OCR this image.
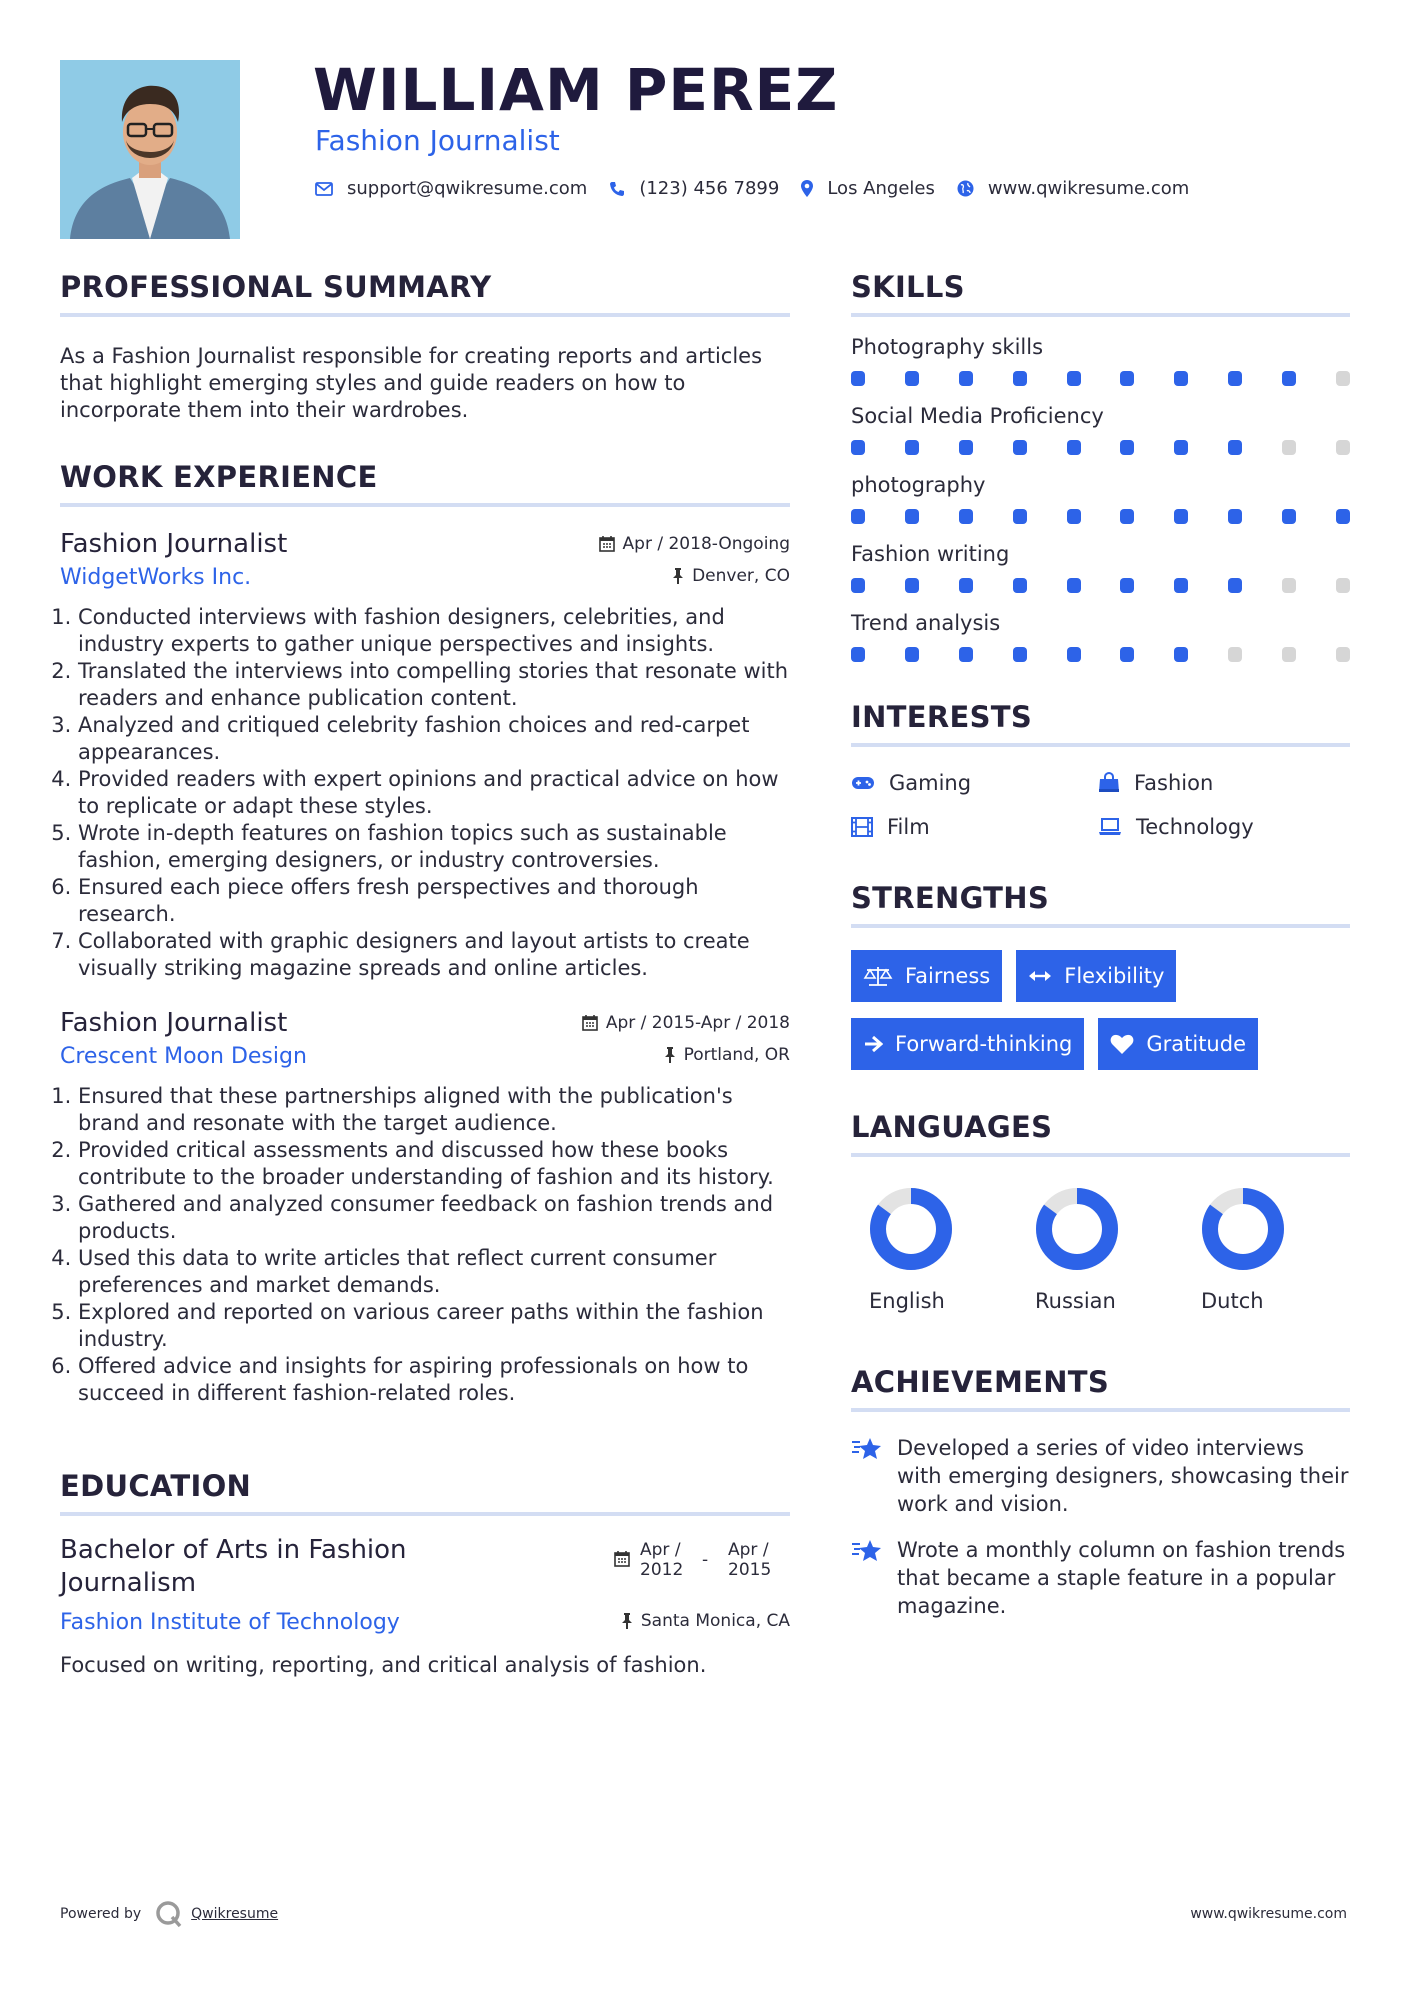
WILLIAM PEREZ
Fashion Journalist
support@qwikresume.com	(123) 456 7899	Los Angeles	www.qwikresume.com
PROFESSIONAL SUMMARY

As a Fashion Journalist responsible for creating reports and articles that highlight emerging styles and guide readers on how to incorporate them into their wardrobes.

WORK EXPERIENCE
Fashion Journalist	Apr / 2018-Ongoing
WidgetWorks Inc.	Denver, CO
1. Conducted interviews with fashion designers, celebrities, and industry experts to gather unique perspectives and insights.
2. Translated the interviews into compelling stories that resonate with readers and enhance publication content.
3. Analyzed and critiqued celebrity fashion choices and red-carpet appearances.
4. Provided readers with expert opinions and practical advice on how to replicate or adapt these styles.
5. Wrote in-depth features on fashion topics such as sustainable fashion, emerging designers, or industry controversies.
6. Ensured each piece offers fresh perspectives and thorough research.
7. Collaborated with graphic designers and layout artists to create visually striking magazine spreads and online articles.
Fashion Journalist	Apr / 2015-Apr / 2018
Crescent Moon Design	Portland, OR
1. Ensured that these partnerships aligned with the publication's brand and resonate with the target audience.
2. Provided critical assessments and discussed how these books contribute to the broader understanding of fashion and its history.
3. Gathered and analyzed consumer feedback on fashion trends and products.
4. Used this data to write articles that reflect current consumer preferences and market demands.
5. Explored and reported on various career paths within the fashion industry.
6. Offered advice and insights for aspiring professionals on how to succeed in different fashion-related roles.
EDUCATION
Bachelor of Arts in Fashion Journalism
Apr /
2012	-	Apr /
2015
Fashion Institute of Technology	Santa Monica, CA
Focused on writing, reporting, and critical analysis of fashion.
SKILLS
Photography skills
Social Media Proficiency
photography
Fashion writing
Trend analysis
INTERESTS
Gaming	Fashion
Film	Technology
STRENGTHS
Fairness	Flexibility
Forward-thinking	Gratitude
LANGUAGES
English	Russian	Dutch
ACHIEVEMENTS
Developed a series of video interviews with emerging designers, showcasing their work and vision.
Wrote a monthly column on fashion trends that became a staple feature in a popular magazine.
Powered by	Qwikresume	www.qwikresume.com
